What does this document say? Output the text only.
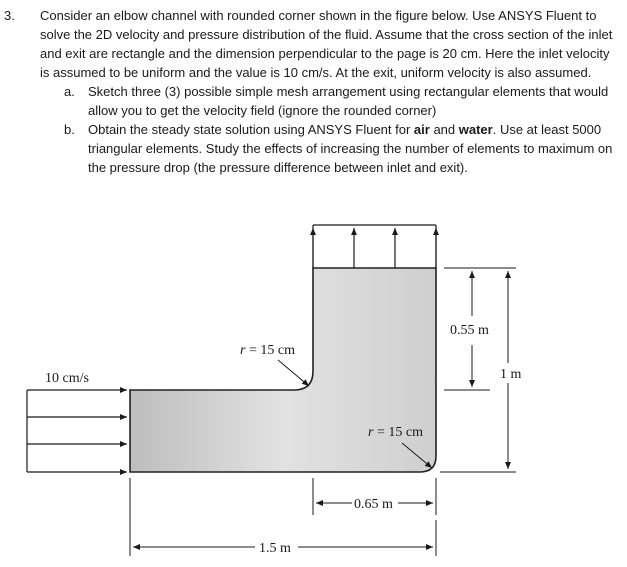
3. Consider an elbow channel with rounded corner shown in the figure below. Use ANSYS Fluent to solve the 2D velocity and pressure distribution of the fluid. Assume that the cross section of the inlet and exit are rectangle and the dimension perpendicular to the page is 20 cm. Here the inlet velocity is assumed to be uniform and the value is 10 cm/s. At the exit, uniform velocity is also assumed.
a. Sketch three (3) possible simple mesh arrangement using rectangular elements that would allow you to get the velocity field (ignore the rounded corner)
b. Obtain the steady state solution using ANSYS Fluent for air and water. Use at least 5000 triangular elements. Study the effects of increasing the number of elements to maximum on the pressure drop (the pressure difference between inlet and exit).
10 cm/s
r = 15 cm
r = 15 cm
0.55 m
1 m
0.65 m
1.5 m
